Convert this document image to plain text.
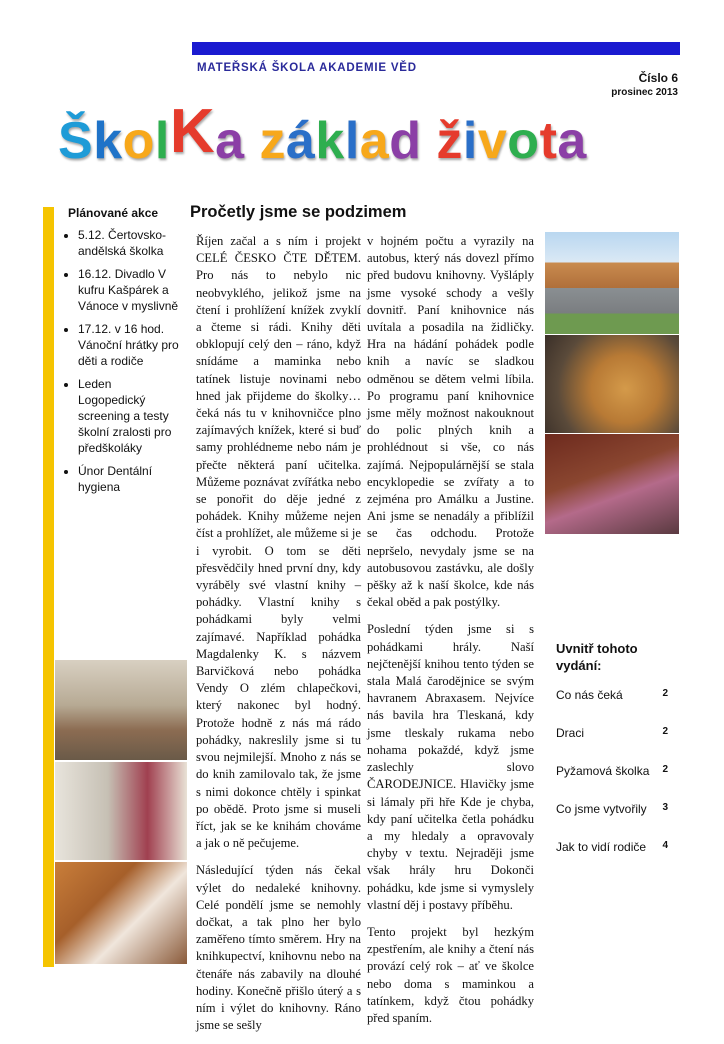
MATEŘSKÁ ŠKOLA AKADEMIE VĚD
Číslo 6
prosinec 2013
ŠkolKa základ života
Plánované akce
• 5.12. Čertovsko-andělská školka
• 16.12. Divadlo V kufru Kašpárek a Vánoce v myslivně
• 17.12. v 16 hod. Vánoční hrátky pro děti a rodiče
• Leden Logopedický screening a testy školní zralosti pro předškoláky
• Únor Dentální hygiena
Pročetly jsme se podzimem

Říjen začal a s ním i projekt CELÉ ČESKO ČTE DĚTEM. Pro nás to nebylo nic neobvyklého, jelikož jsme na čtení i prohlížení knížek zvyklí a čteme si rádi. Knihy děti obklopují celý den – ráno, když snídáme a maminka nebo tatínek listuje novinami nebo hned jak přijdeme do školky… čeká nás tu v knihovničce plno zajímavých knížek, které si buď samy prohlédneme nebo nám je přečte některá paní učitelka. Můžeme poznávat zvířátka nebo se ponořit do děje jedné z pohádek. Knihy můžeme nejen číst a prohlížet, ale můžeme si je i vyrobit. O tom se děti přesvědčily hned první dny, kdy vyráběly své vlastní knihy – pohádky. Vlastní knihy s pohádkami byly velmi zajímavé. Například pohádka Magdalenky K. s názvem Barvičková nebo pohádka Vendy O zlém chlapečkovi, který nakonec byl hodný. Protože hodně z nás má rádo pohádky, nakreslily jsme si tu svou nejmilejší. Mnoho z nás se do knih zamilovalo tak, že jsme s nimi dokonce chtěly i spinkat po obědě. Proto jsme si museli říct, jak se ke knihám chováme a jak o ně pečujeme.

Následující týden nás čekal výlet do nedaleké knihovny. Celé pondělí jsme se nemohly dočkat, a tak plno her bylo zaměřeno tímto směrem. Hry na knihkupectví, knihovnu nebo na čtenáře nás zabavily na dlouhé hodiny. Konečně přišlo úterý a s ním i výlet do knihovny. Ráno jsme se sešly

v hojném počtu a vyrazily na autobus, který nás dovezl přímo před budovu knihovny. Vyšláply jsme vysoké schody a vešly dovnitř. Paní knihovnice nás uvítala a posadila na židličky. Hra na hádání pohádek podle knih a navíc se sladkou odměnou se dětem velmi líbila. Po programu paní knihovnice jsme měly možnost nakouknout do polic plných knih a prohlédnout si vše, co nás zajímá. Nejpopulárnější se stala encyklopedie se zvířaty a to zejména pro Amálku a Justine. Ani jsme se nenadály a přiblížil se čas odchodu. Protože nepršelo, nevydaly jsme se na autobusovou zastávku, ale došly pěšky až k naší školce, kde nás čekal oběd a pak postýlky.

Poslední týden jsme si s pohádkami hrály. Naší nejčtenější knihou tento týden se stala Malá čarodějnice se svým havranem Abraxasem. Nejvíce nás bavila hra Tleskaná, kdy jsme tleskaly rukama nebo nohama pokaždé, když jsme zaslechly slovo ČARODEJNICE. Hlavičky jsme si lámaly při hře Kde je chyba, kdy paní učitelka četla pohádku a my hledaly a opravovaly chyby v textu. Nejraději jsme však hrály hru Dokonči pohádku, kde jsme si vymyslely vlastní děj i postavy příběhu.

Tento projekt byl hezkým zpestřením, ale knihy a čtení nás provází celý rok – ať ve školce nebo doma s maminkou a tatínkem, když čtou pohádky před spaním.

Uvnitř tohoto vydání:
Co nás čeká	2
Draci	2
Pyžamová školka 2
Co jsme vytvořily 3
Jak to vidí rodiče 4
